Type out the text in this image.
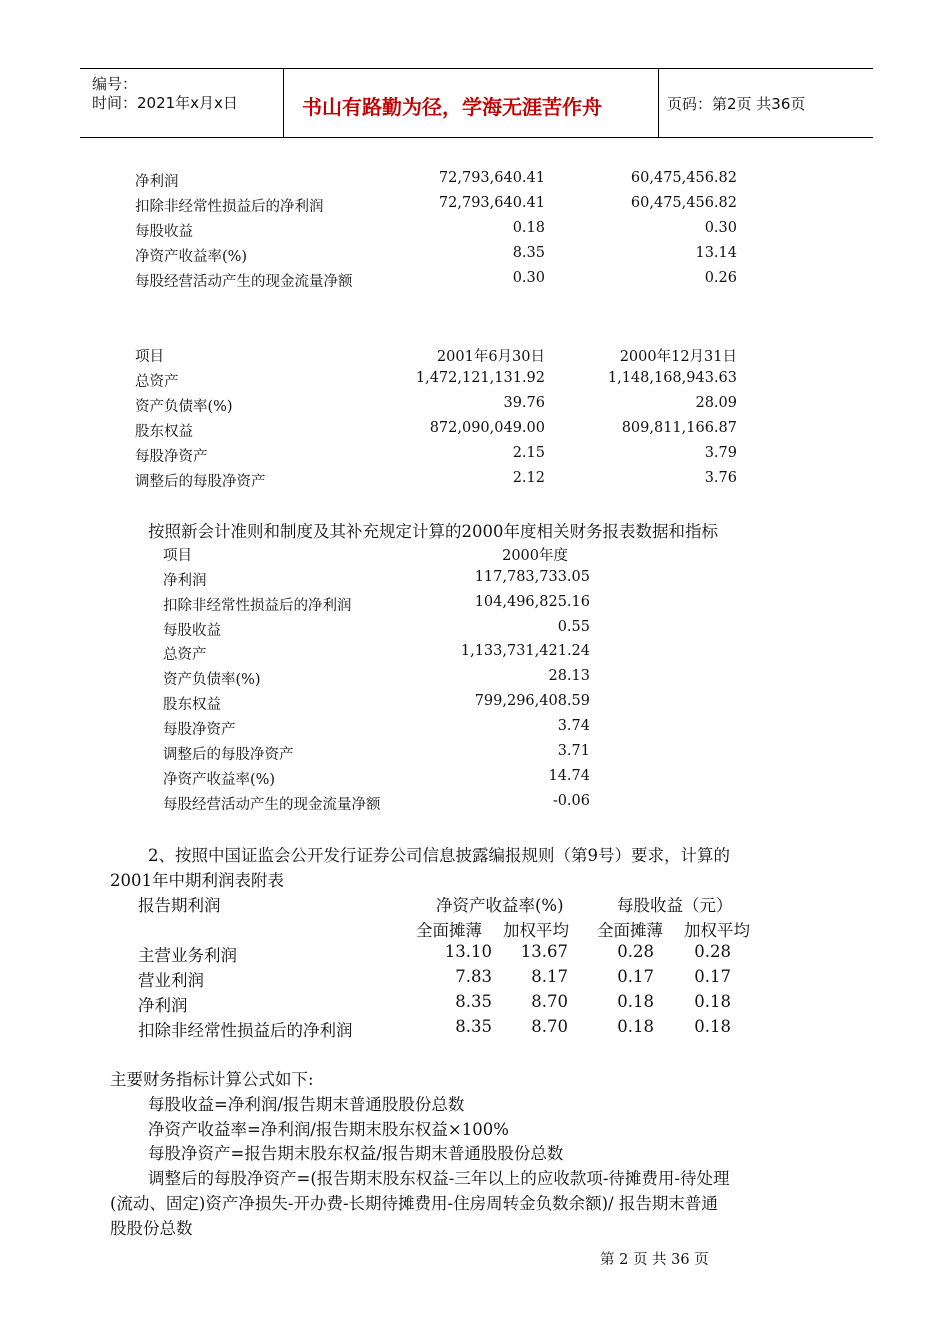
编号：
时间：2021年x月x日	书山有路勤为径，学海无涯苦作舟	页码：第2页 共36页
净利润	72,793,640.41	60,475,456.82
扣除非经常性损益后的净利润	72,793,640.41	60,475,456.82
每股收益	0.18	0.30
净资产收益率(%)	8.35	13.14
每股经营活动产生的现金流量净额	0.30	0.26
项目	2001年6月30日	2000年12月31日
总资产	1,472,121,131.92	1,148,168,943.63
资产负债率(%)	39.76	28.09
股东权益	872,090,049.00	809,811,166.87
每股净资产	2.15	3.79
调整后的每股净资产	2.12	3.76
按照新会计准则和制度及其补充规定计算的2000年度相关财务报表数据和指标
项目	2000年度
净利润	117,783,733.05
扣除非经常性损益后的净利润	104,496,825.16
每股收益	0.55
总资产	1,133,731,421.24
资产负债率(%)	28.13
股东权益	799,296,408.59
每股净资产	3.74
调整后的每股净资产	3.71
净资产收益率(%)	14.74
每股经营活动产生的现金流量净额	-0.06
2、按照中国证监会公开发行证券公司信息披露编报规则（第9号）要求，计算的
2001年中期利润表附表
报告期利润	净资产收益率(%)	每股收益（元）
全面摊薄 加权平均 全面摊薄 加权平均
主营业务利润	13.10	13.67	0.28	0.28
营业利润	7.83	8.17	0.17	0.17
净利润	8.35	8.70	0.18	0.18
扣除非经常性损益后的净利润	8.35	8.70	0.18	0.18
主要财务指标计算公式如下:
每股收益=净利润/报告期末普通股股份总数
净资产收益率=净利润/报告期末股东权益×100%
每股净资产=报告期末股东权益/报告期末普通股股份总数
调整后的每股净资产=(报告期末股东权益-三年以上的应收款项-待摊费用-待处理
(流动、固定)资产净损失-开办费-长期待摊费用-住房周转金负数余额)/ 报告期末普通
股股份总数
第 2 页 共 36 页
